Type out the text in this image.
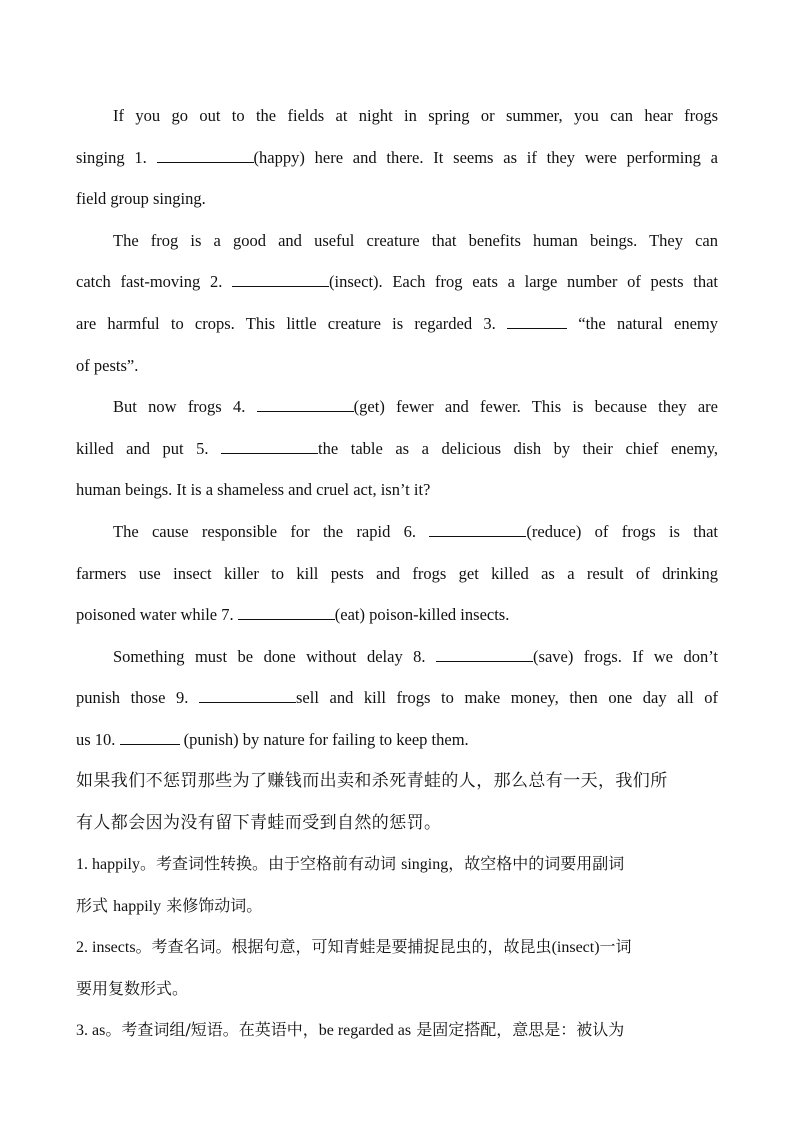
If you go out to the fields at night in spring or summer, you can hear frogs
singing 1.	(happy) here and there. It seems as if they were performing a
field group singing.
The frog is a good and useful creature that benefits human beings. They can
catch fast-moving 2.	(insect). Each frog eats a large number of pests that
are harmful to crops. This little creature is regarded 3.	“the natural enemy
of pests”.
But now frogs 4.	(get) fewer and fewer. This is because they are
killed and put 5.	the table as a delicious dish by their chief enemy,
human beings. It is a shameless and cruel act, isn’t it?
The cause responsible for the rapid 6.	(reduce) of frogs is that
farmers use insect killer to kill pests and frogs get killed as a result of drinking
poisoned water while 7.	(eat) poison-killed insects.
Something must be done without delay 8.	(save) frogs. If we don’t
punish those 9.	sell and kill frogs to make money, then one day all of
us 10.	(punish) by nature for failing to keep them.
如果我们不惩罚那些为了赚钱而出卖和杀死青蛙的人，那么总有一天，我们所
有人都会因为没有留下青蛙而受到自然的惩罚。
1. happily。考查词性转换。由于空格前有动词 singing，故空格中的词要用副词
形式 happily 来修饰动词。
2. insects。考查名词。根据句意，可知青蛙是要捕捉昆虫的，故昆虫(insect)一词
要用复数形式。
3. as。考查词组/短语。在英语中，be regarded as 是固定搭配，意思是：被认为
